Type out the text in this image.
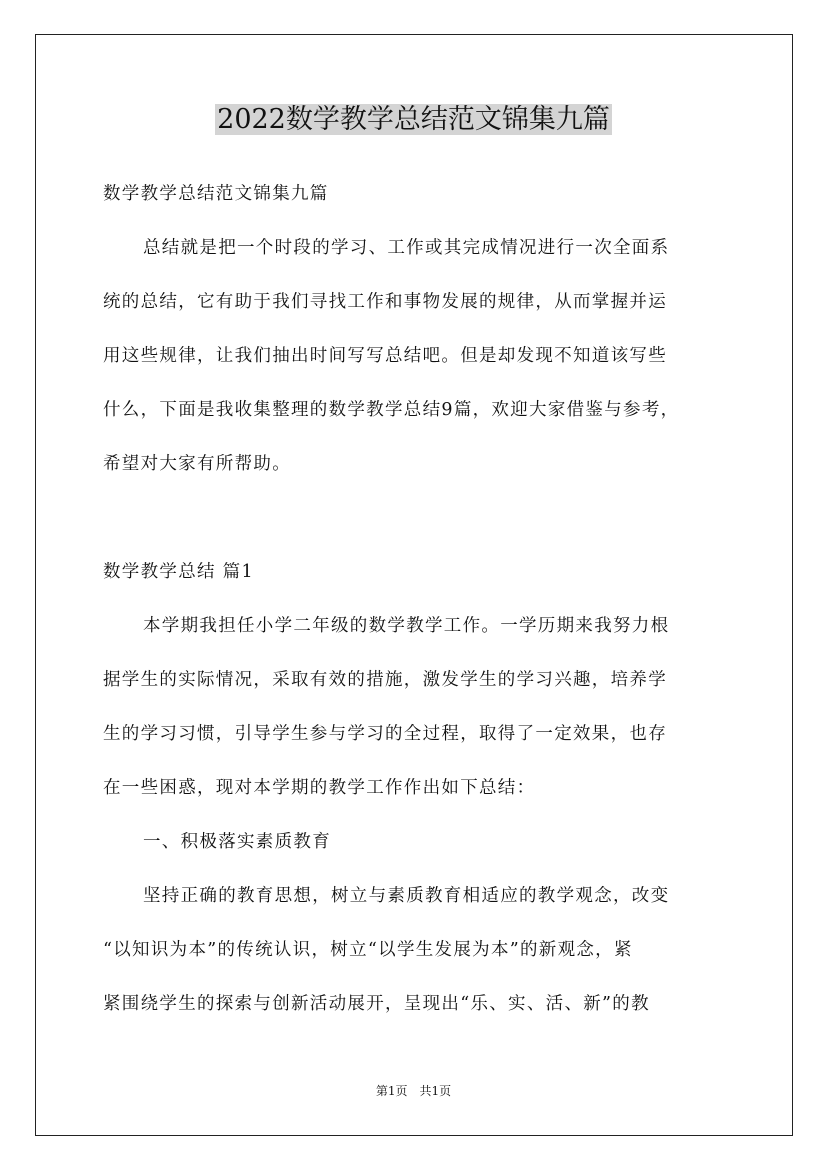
2022数学教学总结范文锦集九篇
数学教学总结范文锦集九篇
总结就是把一个时段的学习、工作或其完成情况进行一次全面系
统的总结，它有助于我们寻找工作和事物发展的规律，从而掌握并运
用这些规律，让我们抽出时间写写总结吧。但是却发现不知道该写些
什么，下面是我收集整理的数学教学总结9篇，欢迎大家借鉴与参考，
希望对大家有所帮助。
数学教学总结 篇1
本学期我担任小学二年级的数学教学工作。一学历期来我努力根
据学生的实际情况，采取有效的措施，激发学生的学习兴趣，培养学
生的学习习惯，引导学生参与学习的全过程，取得了一定效果，也存
在一些困惑，现对本学期的教学工作作出如下总结：
一、积极落实素质教育
坚持正确的教育思想，树立与素质教育相适应的教学观念，改变
“以知识为本”的传统认识，树立“以学生发展为本”的新观念，紧
紧围绕学生的探索与创新活动展开，呈现出“乐、实、活、新”的教
第1页　共1页
